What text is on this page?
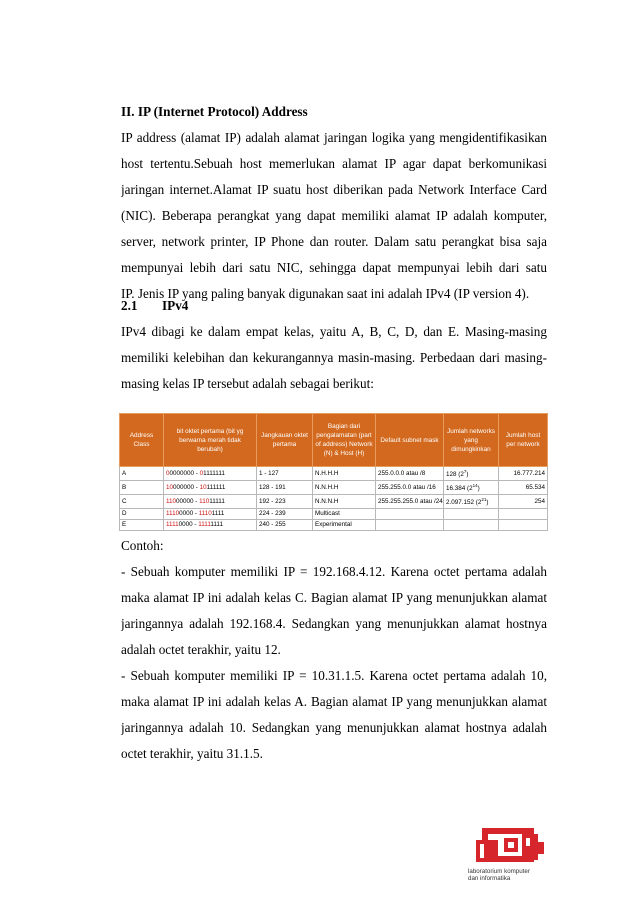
II. IP (Internet Protocol) Address
IP address (alamat IP) adalah alamat jaringan logika yang mengidentifikasikan
host tertentu.Sebuah host memerlukan alamat IP agar dapat berkomunikasi
jaringan internet.Alamat IP suatu host diberikan pada Network Interface Card
(NIC). Beberapa perangkat yang dapat memiliki alamat IP adalah komputer,
server, network printer, IP Phone dan router. Dalam satu perangkat bisa saja
mempunyai lebih dari satu NIC, sehingga dapat mempunyai lebih dari satu
IP. Jenis IP yang paling banyak digunakan saat ini adalah IPv4 (IP version 4).
2.1	IPv4
IPv4 dibagi ke dalam empat kelas, yaitu A, B, C, D, dan E. Masing-masing
memiliki kelebihan dan kekurangannya masin-masing. Perbedaan dari masing-
masing kelas IP tersebut adalah sebagai berikut:
Address Class	bit oktet pertama (bit yg berwarna merah tidak berubah)	Jangkauan oktet pertama	Bagian dari pengalamatan (part of address) Network (N) & Host (H)	Default subnet mask	Jumlah networks yang dimungkinkan	Jumlah host per network
A	00000000 - 01111111	1 - 127	N.H.H.H	255.0.0.0 atau /8	128 $(2^7)$	16.777.214
B	10000000 - 10111111	128 - 191	N.N.H.H	255.255.0.0 atau /16	16.384 $(2^{14})$	65.534
C	11000000 - 11011111	192 - 223	N.N.N.H	255.255.255.0 atau /24	2.097.152 $(2^{21})$	254
D	11100000 - 11101111	224 - 239	Multicast			
E	11110000 - 11111111	240 - 255	Experimental			
Contoh:
- Sebuah komputer memiliki IP = 192.168.4.12. Karena octet pertama adalah
maka alamat IP ini adalah kelas C. Bagian alamat IP yang menunjukkan alamat
jaringannya adalah 192.168.4. Sedangkan yang menunjukkan alamat hostnya
adalah octet terakhir, yaitu 12.
- Sebuah komputer memiliki IP = 10.31.1.5. Karena octet pertama adalah 10,
maka alamat IP ini adalah kelas A. Bagian alamat IP yang menunjukkan alamat
jaringannya adalah 10. Sedangkan yang menunjukkan alamat hostnya adalah
octet terakhir, yaitu 31.1.5.
laboratorium komputer
dan informatika
